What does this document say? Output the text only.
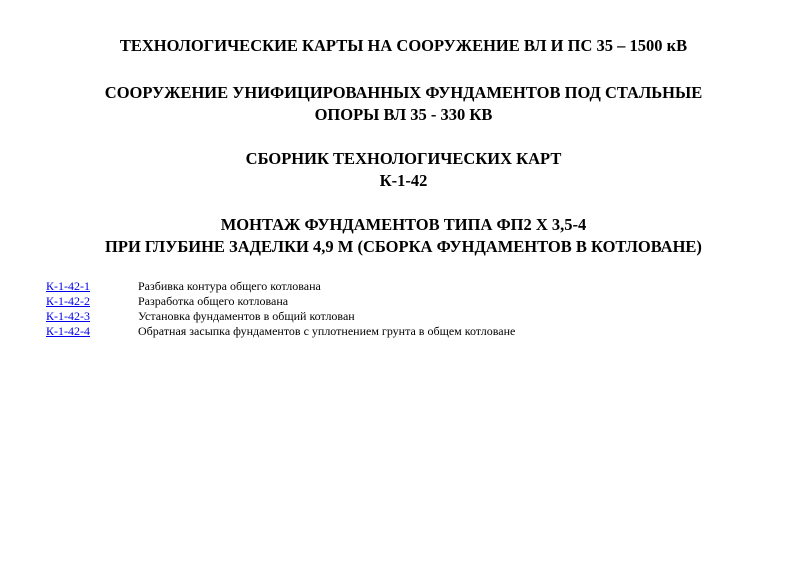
ТЕХНОЛОГИЧЕСКИЕ КАРТЫ НА СООРУЖЕНИЕ ВЛ И ПС 35 – 1500 кВ
СООРУЖЕНИЕ УНИФИЦИРОВАННЫХ ФУНДАМЕНТОВ ПОД СТАЛЬНЫЕ
ОПОРЫ ВЛ 35 - 330 КВ
СБОРНИК ТЕХНОЛОГИЧЕСКИХ КАРТ
К-1-42
МОНТАЖ ФУНДАМЕНТОВ ТИПА ФП2 Х 3,5-4
ПРИ ГЛУБИНЕ ЗАДЕЛКИ 4,9 М (СБОРКА ФУНДАМЕНТОВ В КОТЛОВАНЕ)
К-1-42-1	Разбивка контура общего котлована
К-1-42-2	Разработка общего котлована
К-1-42-3	Установка фундаментов в общий котлован
К-1-42-4	Обратная засыпка фундаментов с уплотнением грунта в общем котловане
